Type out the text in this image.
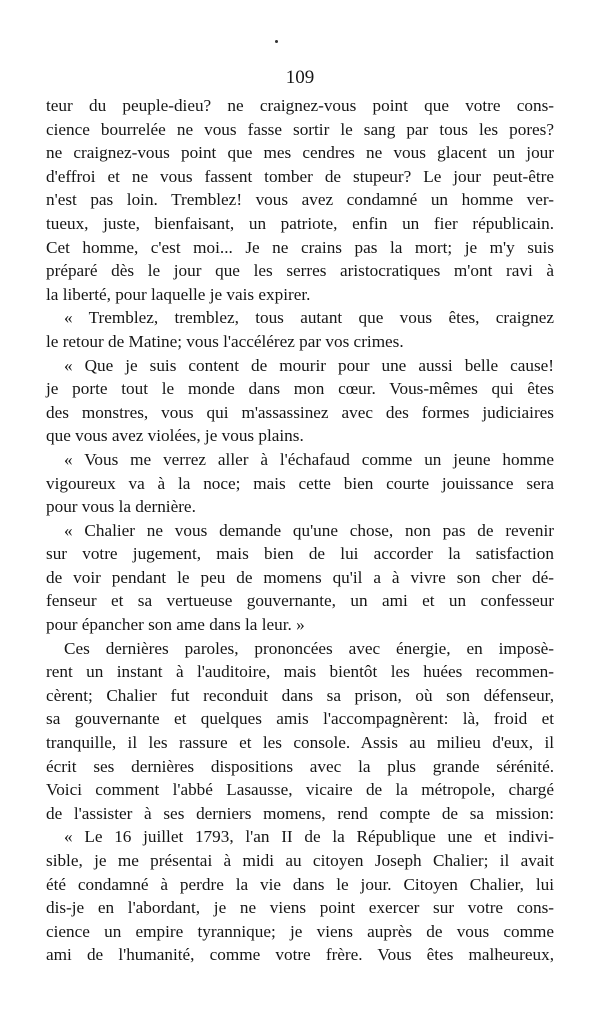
109
teur du peuple-dieu? ne craignez-vous point que votre cons-
cience bourrelée ne vous fasse sortir le sang par tous les pores?
ne craignez-vous point que mes cendres ne vous glacent un jour
d'effroi et ne vous fassent tomber de stupeur? Le jour peut-être
n'est pas loin. Tremblez! vous avez condamné un homme ver-
tueux, juste, bienfaisant, un patriote, enfin un fier républicain.
Cet homme, c'est moi... Je ne crains pas la mort; je m'y suis
préparé dès le jour que les serres aristocratiques m'ont ravi à
la liberté, pour laquelle je vais expirer.
« Tremblez, tremblez, tous autant que vous êtes, craignez
le retour de Matine; vous l'accélérez par vos crimes.
« Que je suis content de mourir pour une aussi belle cause!
je porte tout le monde dans mon cœur. Vous-mêmes qui êtes
des monstres, vous qui m'assassinez avec des formes judiciaires
que vous avez violées, je vous plains.
« Vous me verrez aller à l'échafaud comme un jeune homme
vigoureux va à la noce; mais cette bien courte jouissance sera
pour vous la dernière.
« Chalier ne vous demande qu'une chose, non pas de revenir
sur votre jugement, mais bien de lui accorder la satisfaction
de voir pendant le peu de momens qu'il a à vivre son cher dé-
fenseur et sa vertueuse gouvernante, un ami et un confesseur
pour épancher son ame dans la leur. »
Ces dernières paroles, prononcées avec énergie, en imposè-
rent un instant à l'auditoire, mais bientôt les huées recommen-
cèrent; Chalier fut reconduit dans sa prison, où son défenseur,
sa gouvernante et quelques amis l'accompagnèrent: là, froid et
tranquille, il les rassure et les console. Assis au milieu d'eux, il
écrit ses dernières dispositions avec la plus grande sérénité.
Voici comment l'abbé Lasausse, vicaire de la métropole, chargé
de l'assister à ses derniers momens, rend compte de sa mission:
« Le 16 juillet 1793, l'an II de la République une et indivi-
sible, je me présentai à midi au citoyen Joseph Chalier; il avait
été condamné à perdre la vie dans le jour. Citoyen Chalier, lui
dis-je en l'abordant, je ne viens point exercer sur votre cons-
cience un empire tyrannique; je viens auprès de vous comme
ami de l'humanité, comme votre frère. Vous êtes malheureux,
